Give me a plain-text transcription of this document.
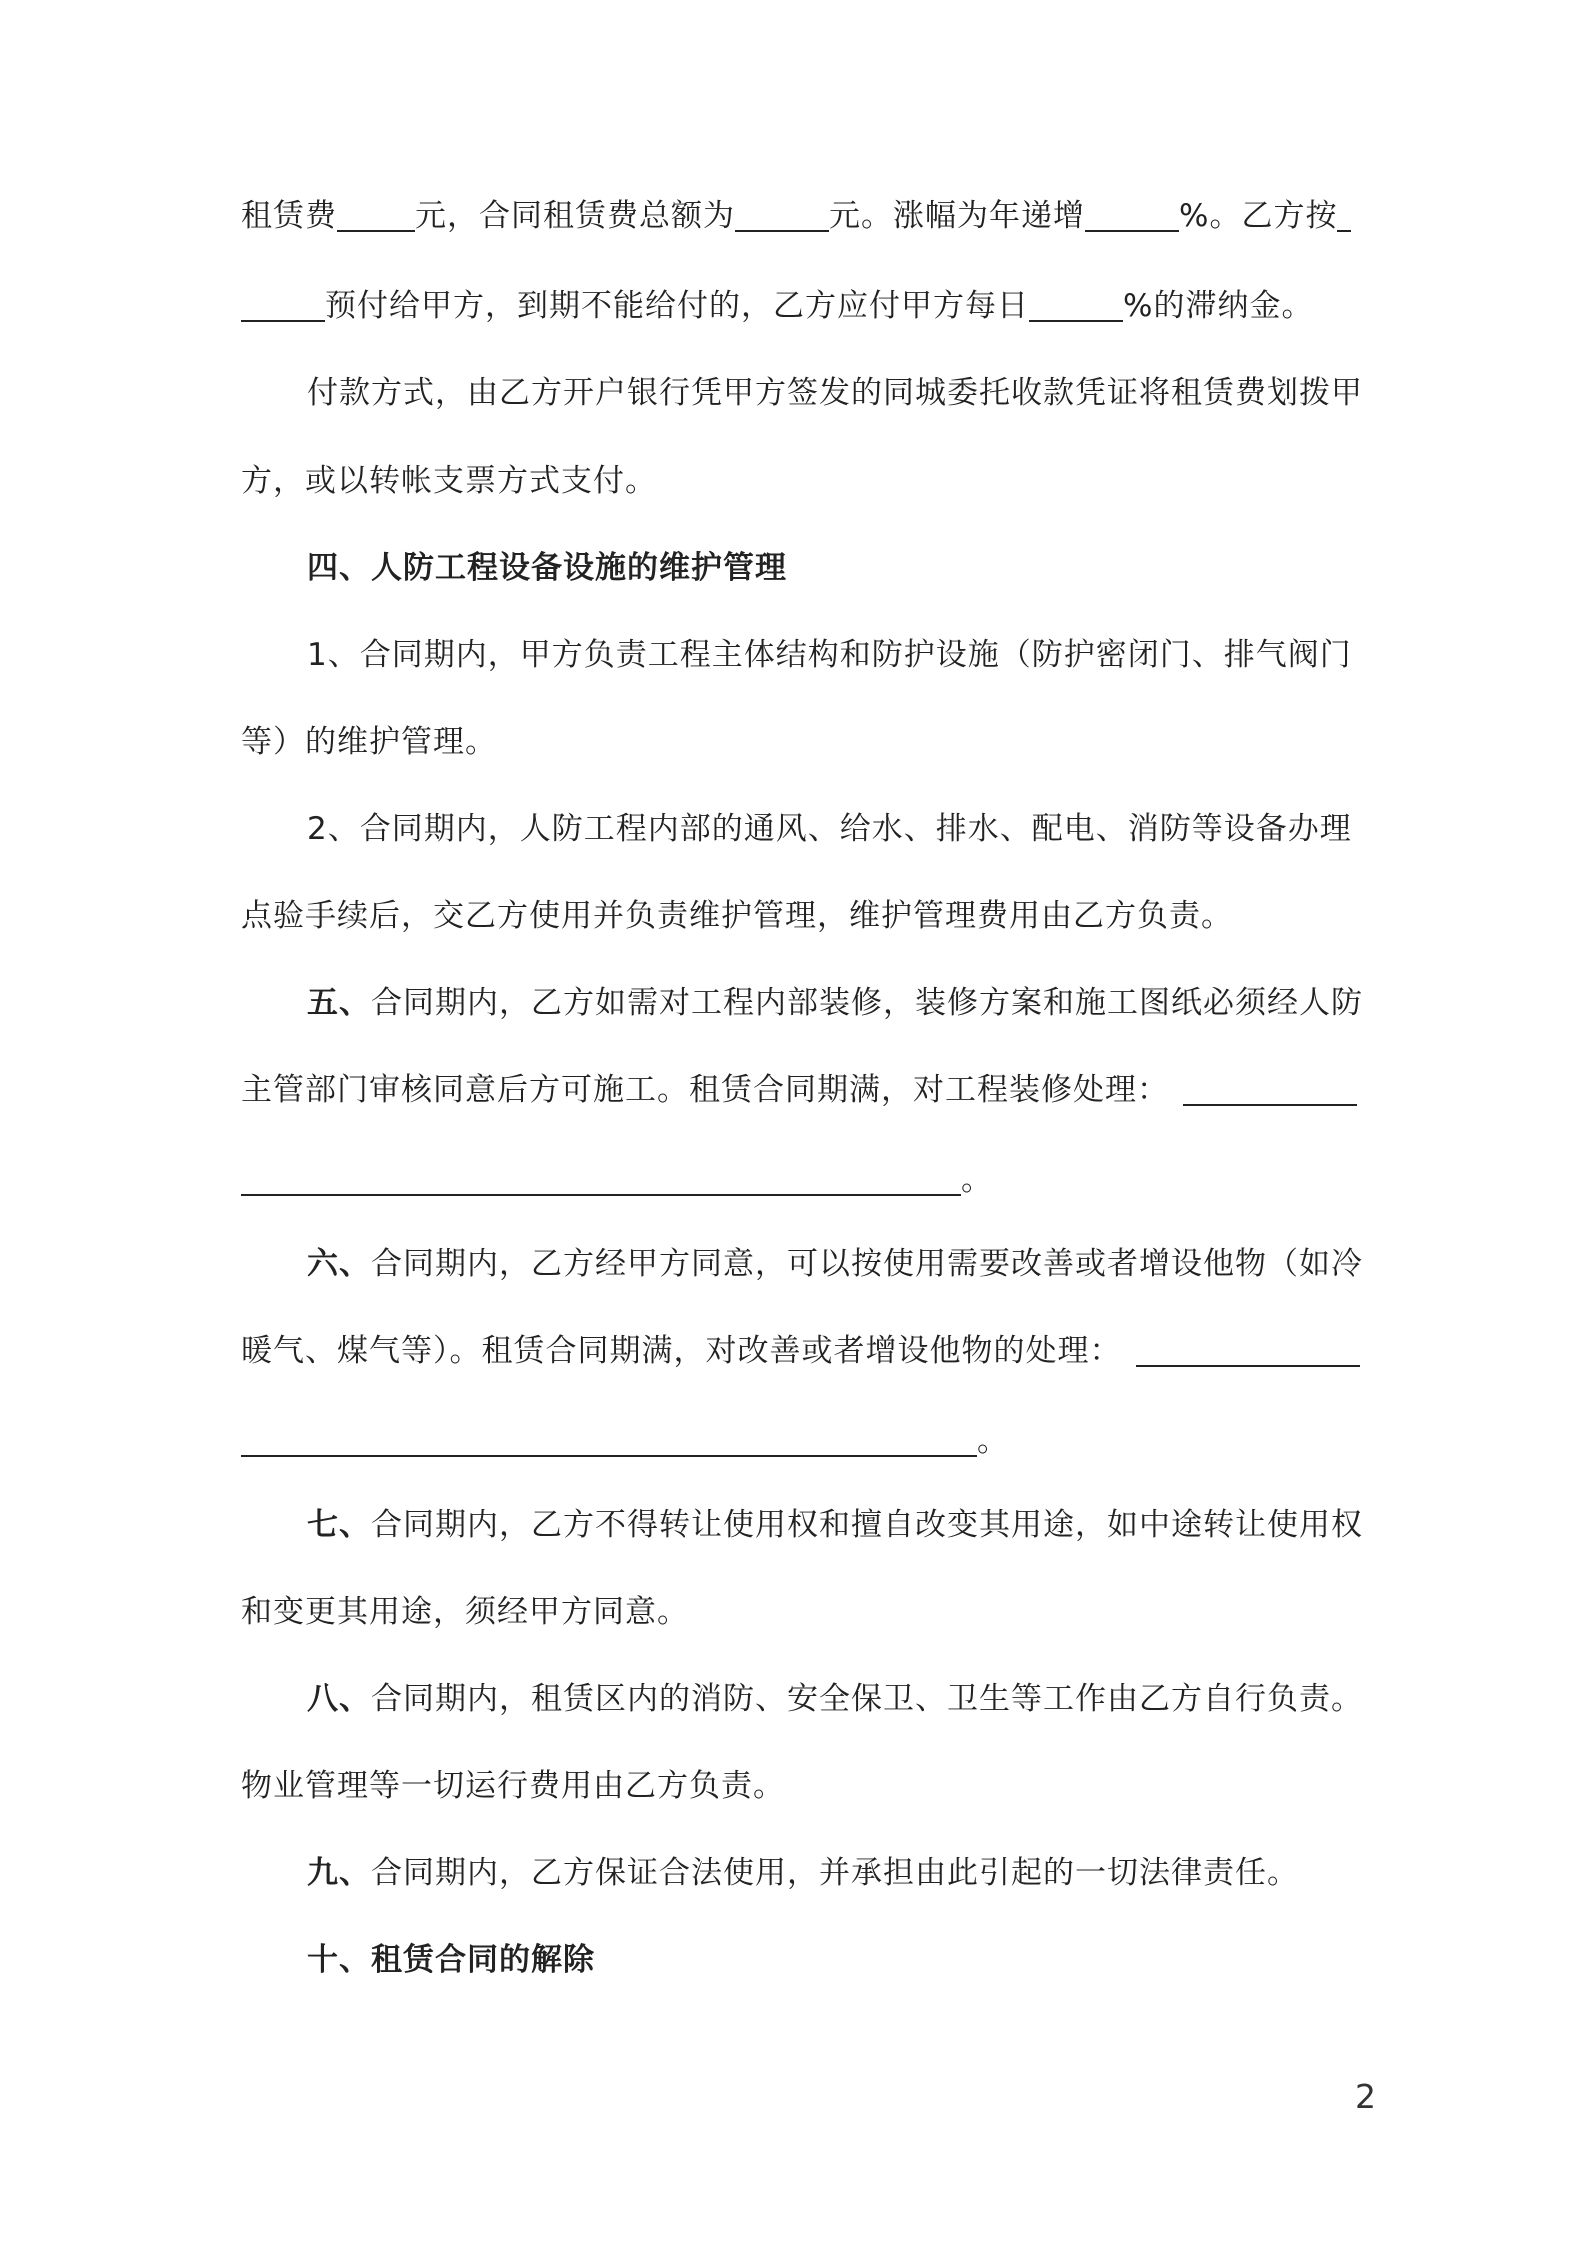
租赁费	元，合同租赁费总额为	元。涨幅为年递增	%。乙方按
预付给甲方，到期不能给付的，乙方应付甲方每日	%的滞纳金。
付款方式，由乙方开户银行凭甲方签发的同城委托收款凭证将租赁费划拨甲
方，或以转帐支票方式支付。
四、人防工程设备设施的维护管理
1、合同期内，甲方负责工程主体结构和防护设施（防护密闭门、排气阀门
等）的维护管理。
2、合同期内，人防工程内部的通风、给水、排水、配电、消防等设备办理
点验手续后，交乙方使用并负责维护管理，维护管理费用由乙方负责。
五、合同期内，乙方如需对工程内部装修，装修方案和施工图纸必须经人防
主管部门审核同意后方可施工。租赁合同期满，对工程装修处理：
。
六、合同期内，乙方经甲方同意，可以按使用需要改善或者增设他物（如冷
暖气、煤气等）。租赁合同期满，对改善或者增设他物的处理：
。
七、合同期内，乙方不得转让使用权和擅自改变其用途，如中途转让使用权
和变更其用途，须经甲方同意。
八、合同期内，租赁区内的消防、安全保卫、卫生等工作由乙方自行负责。
物业管理等一切运行费用由乙方负责。
九、合同期内，乙方保证合法使用，并承担由此引起的一切法律责任。
十、租赁合同的解除
2
